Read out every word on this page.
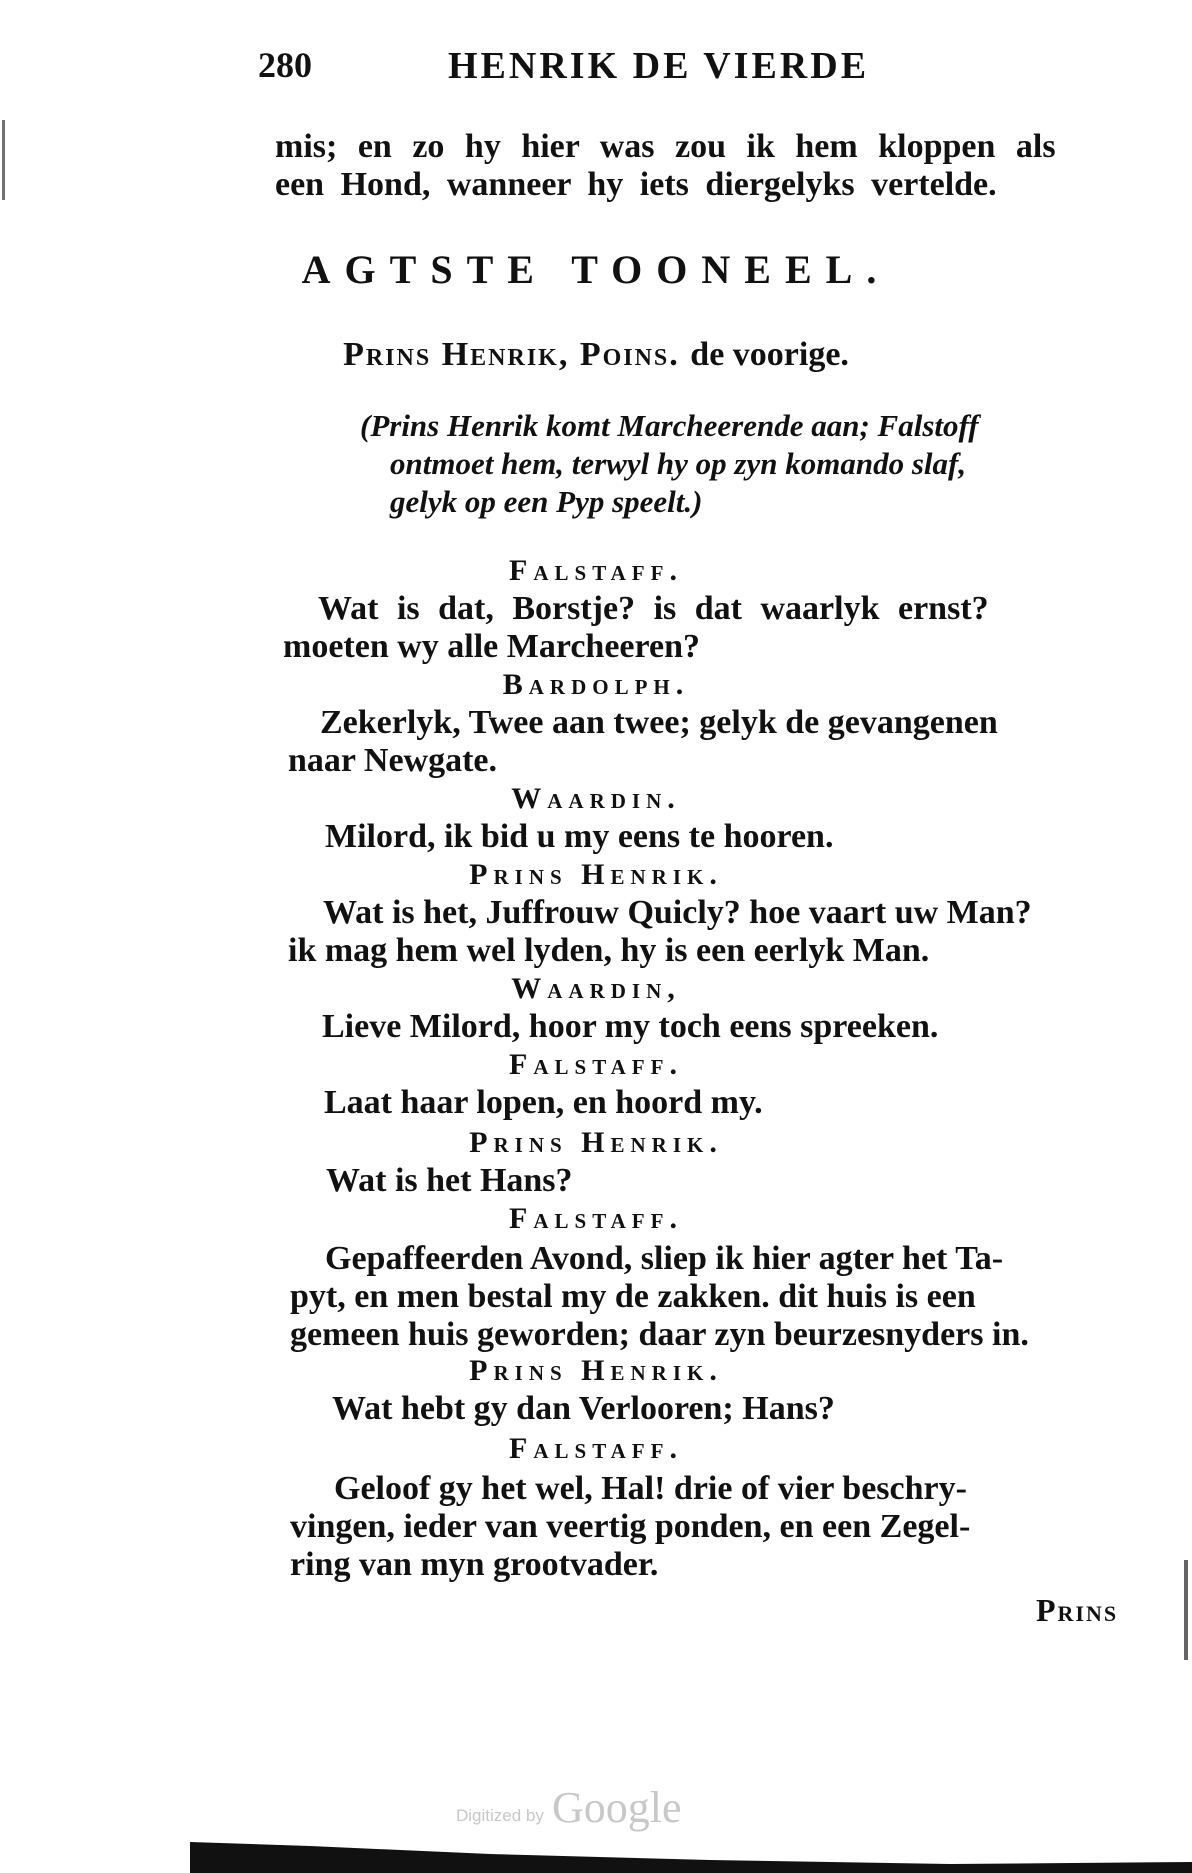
280	HENRIK DE VIERDE
mis; en zo hy hier was zou ik hem kloppen als
een Hond, wanneer hy iets diergelyks vertelde.
AGTSTE TOONEEL.
Prins Henrik, Poins. de voorige.
(Prins Henrik komt Marcheerende aan; Falstoff
ontmoet hem, terwyl hy op zyn komando slaf,
gelyk op een Pyp speelt.)
Falstaff.
Wat is dat, Borstje? is dat waarlyk ernst?
moeten wy alle Marcheeren?
Bardolph.
Zekerlyk, Twee aan twee; gelyk de gevangenen
naar Newgate.
Waardin.
Milord, ik bid u my eens te hooren.
Prins Henrik.
Wat is het, Juffrouw Quicly? hoe vaart uw Man?
ik mag hem wel lyden, hy is een eerlyk Man.
Waardin,
Lieve Milord, hoor my toch eens spreeken.
Falstaff.
Laat haar lopen, en hoord my.
Prins Henrik.
Wat is het Hans?
Falstaff.
Gepaffeerden Avond, sliep ik hier agter het Ta-
pyt, en men bestal my de zakken. dit huis is een
gemeen huis geworden; daar zyn beurzesnyders in.
Prins Henrik.
Wat hebt gy dan Verlooren; Hans?
Falstaff.
Geloof gy het wel, Hal! drie of vier beschry-
vingen, ieder van veertig ponden, en een Zegel-
ring van myn grootvader.
Prins
Digitized by Google
